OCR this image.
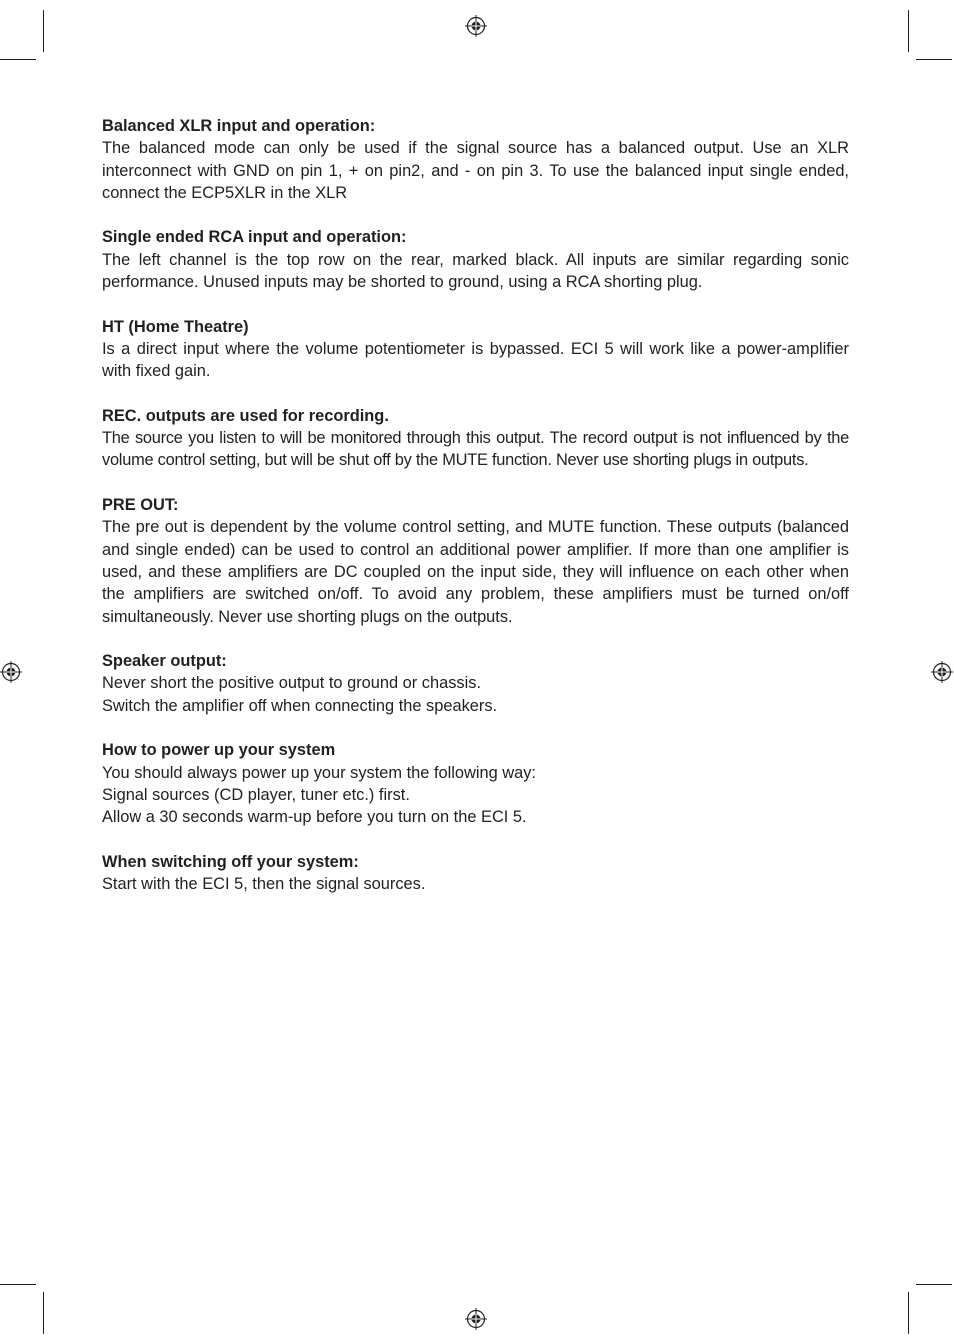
Balanced XLR input and operation:

The balanced mode can only be used if the signal source has a balanced output. Use an XLR interconnect with GND on pin 1, + on pin2, and - on pin 3. To use the balanced input single ended, connect the ECP5XLR in the XLR

Single ended RCA input and operation:

The left channel is the top row on the rear, marked black. All inputs are similar regarding sonic performance. Unused inputs may be shorted to ground, using a RCA shorting plug.

HT (Home Theatre)

Is a direct input where the volume potentiometer is bypassed. ECI 5 will work like a power-amplifier with fixed gain.

REC. outputs are used for recording.

The source you listen to will be monitored through this output. The record output is not influenced by the volume control setting, but will be shut off by the MUTE function. Never use shorting plugs in outputs.

PRE OUT:

The pre out is dependent by the volume control setting, and MUTE function. These outputs (balanced and single ended) can be used to control an additional power amplifier. If more than one amplifier is used, and these amplifiers are DC coupled on the input side, they will influence on each other when the amplifiers are switched on/off. To avoid any problem, these amplifiers must be turned on/off simultaneously. Never use shorting plugs on the outputs.

Speaker output:

Never short the positive output to ground or chassis.

Switch the amplifier off when connecting the speakers.

How to power up your system

You should always power up your system the following way:

Signal sources (CD player, tuner etc.) first.

Allow a 30 seconds warm-up before you turn on the ECI 5.

When switching off your system:

Start with the ECI 5, then the signal sources.
